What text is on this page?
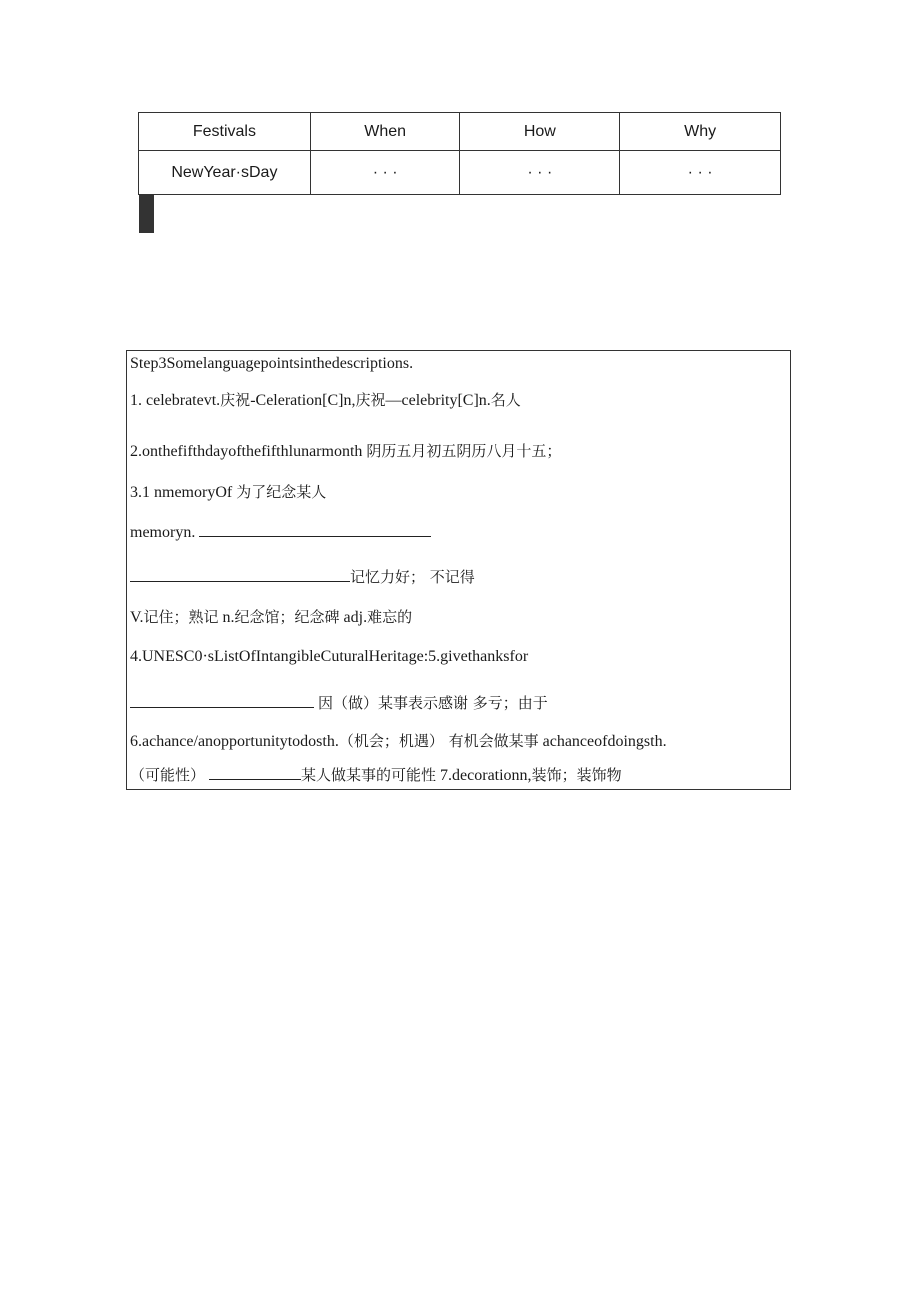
Festivals	When	How	Why
NewYear·sDay	· · ·	· · ·	· · ·

Step3Somelanguagepointsinthedescriptions.
1. celebratevt.庆祝-Celeration[C]n,庆祝—celebrity[C]n.名人
2.onthefifthdayofthefifthlunarmonth 阴历五月初五阴历八月十五；
3.1 nmemoryOf 为了纪念某人
memoryn.
记忆力好； 不记得
V.记住；熟记 n.纪念馆；纪念碑 adj.难忘的
4.UNESC0·sListOfIntangibleCuturalHeritage:5.givethanksfor
因（做）某事表示感谢 多亏；由于
6.achance/anopportunitytodosth.（机会；机遇） 有机会做某事 achanceofdoingsth.
（可能性）	某人做某事的可能性 7.decorationn,装饰；装饰物
